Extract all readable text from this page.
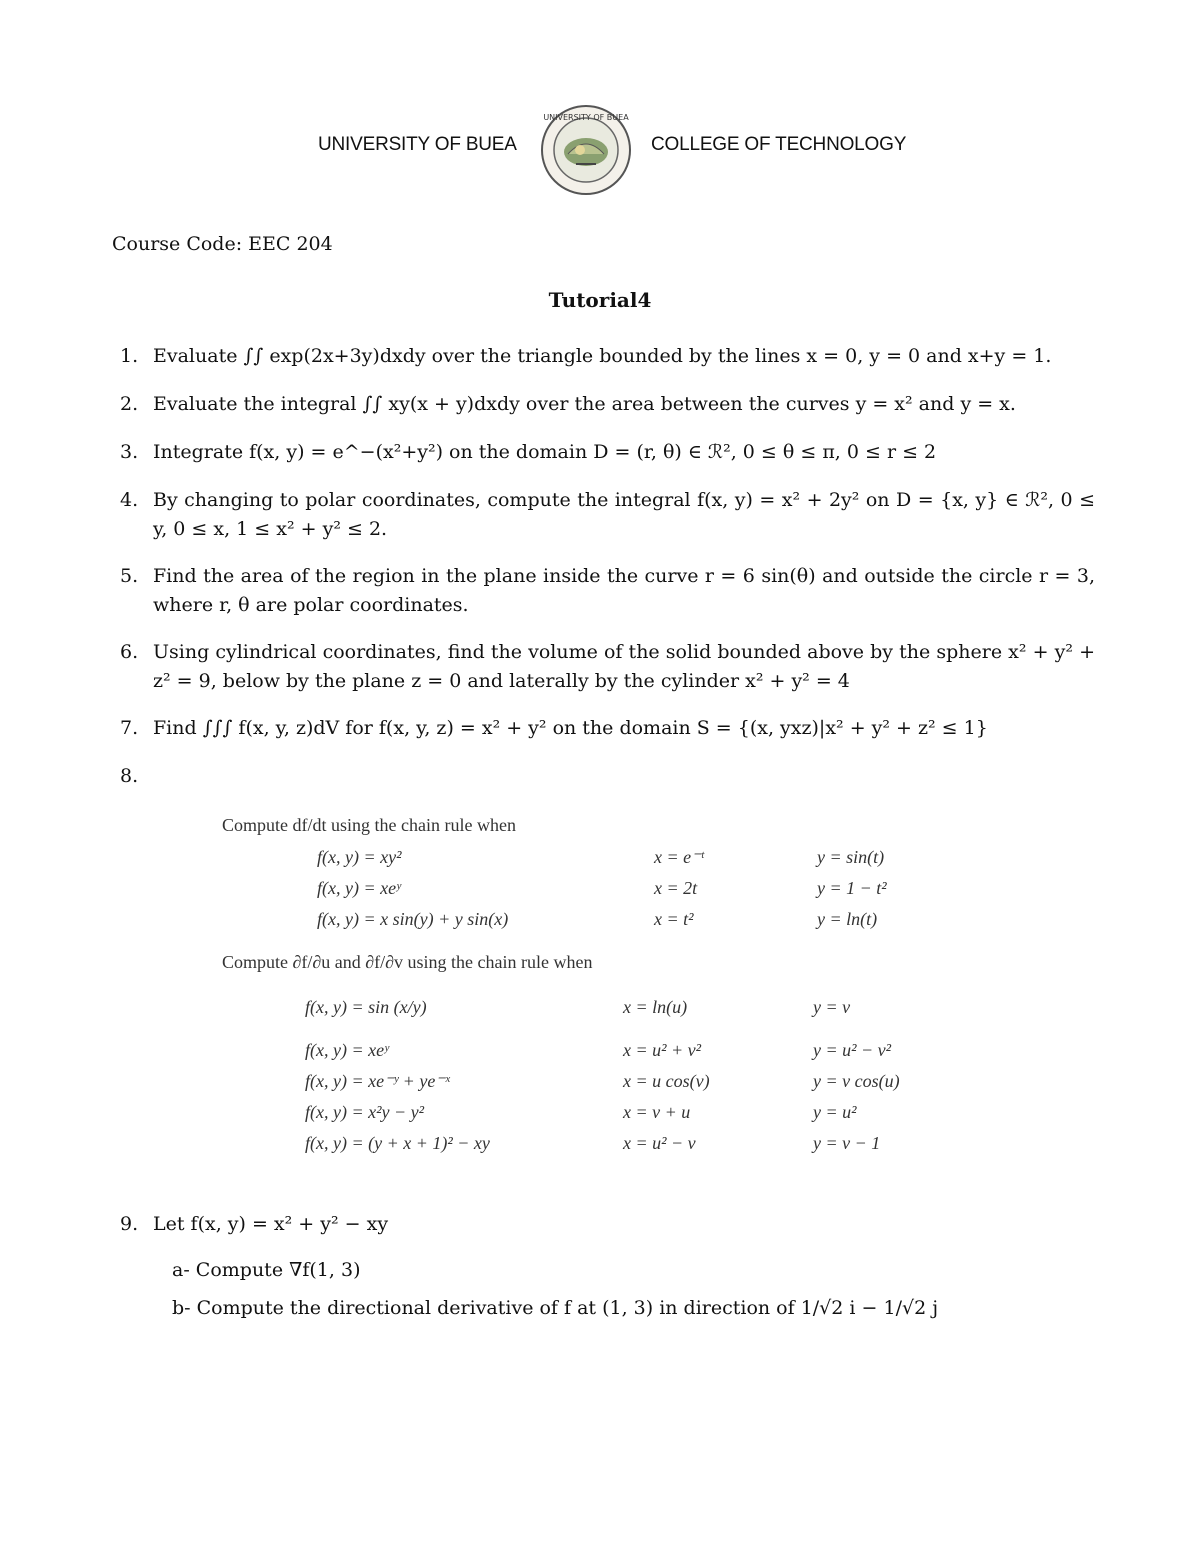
UNIVERSITY OF BUEA
UNIVERSITY OF BUEA
COLLEGE OF TECHNOLOGY
Course Code: EEC 204
Tutorial4
1. Evaluate ∫∫ exp(2x+3y)dxdy over the triangle bounded by the lines x = 0, y = 0 and x+y = 1.
2. Evaluate the integral ∫∫ xy(x + y)dxdy over the area between the curves y = x² and y = x.
3. Integrate f(x, y) = e^−(x²+y²) on the domain D = (r, θ) ∈ ℛ², 0 ≤ θ ≤ π, 0 ≤ r ≤ 2
4. By changing to polar coordinates, compute the integral f(x, y) = x² + 2y² on D = {x, y} ∈ ℛ², 0 ≤ y, 0 ≤ x, 1 ≤ x² + y² ≤ 2.
5. Find the area of the region in the plane inside the curve r = 6 sin(θ) and outside the circle r = 3, where r, θ are polar coordinates.
6. Using cylindrical coordinates, find the volume of the solid bounded above by the sphere x² + y² + z² = 9, below by the plane z = 0 and laterally by the cylinder x² + y² = 4
7. Find ∫∫∫ f(x, y, z)dV for f(x, y, z) = x² + y² on the domain S = {(x, yxz)|x² + y² + z² ≤ 1}
8.
Compute df/dt using the chain rule when
f(x, y) = xy²	x = e⁻ᵗ	y = sin(t)
f(x, y) = xeʸ	x = 2t	y = 1 − t²
f(x, y) = x sin(y) + y sin(x)	x = t²	y = ln(t)
Compute ∂f/∂u and ∂f/∂v using the chain rule when
f(x, y) = sin (x/y)	x = ln(u)	y = v
f(x, y) = xeʸ	x = u² + v²	y = u² − v²
f(x, y) = xe⁻ʸ + ye⁻ˣ	x = u cos(v)	y = v cos(u)
f(x, y) = x²y − y²	x = v + u	y = u²
f(x, y) = (y + x + 1)² − xy	x = u² − v	y = v − 1
9. Let f(x, y) = x² + y² − xy
a- Compute ∇f(1, 3)
b- Compute the directional derivative of f at (1, 3) in direction of 1/√2 i − 1/√2 j
